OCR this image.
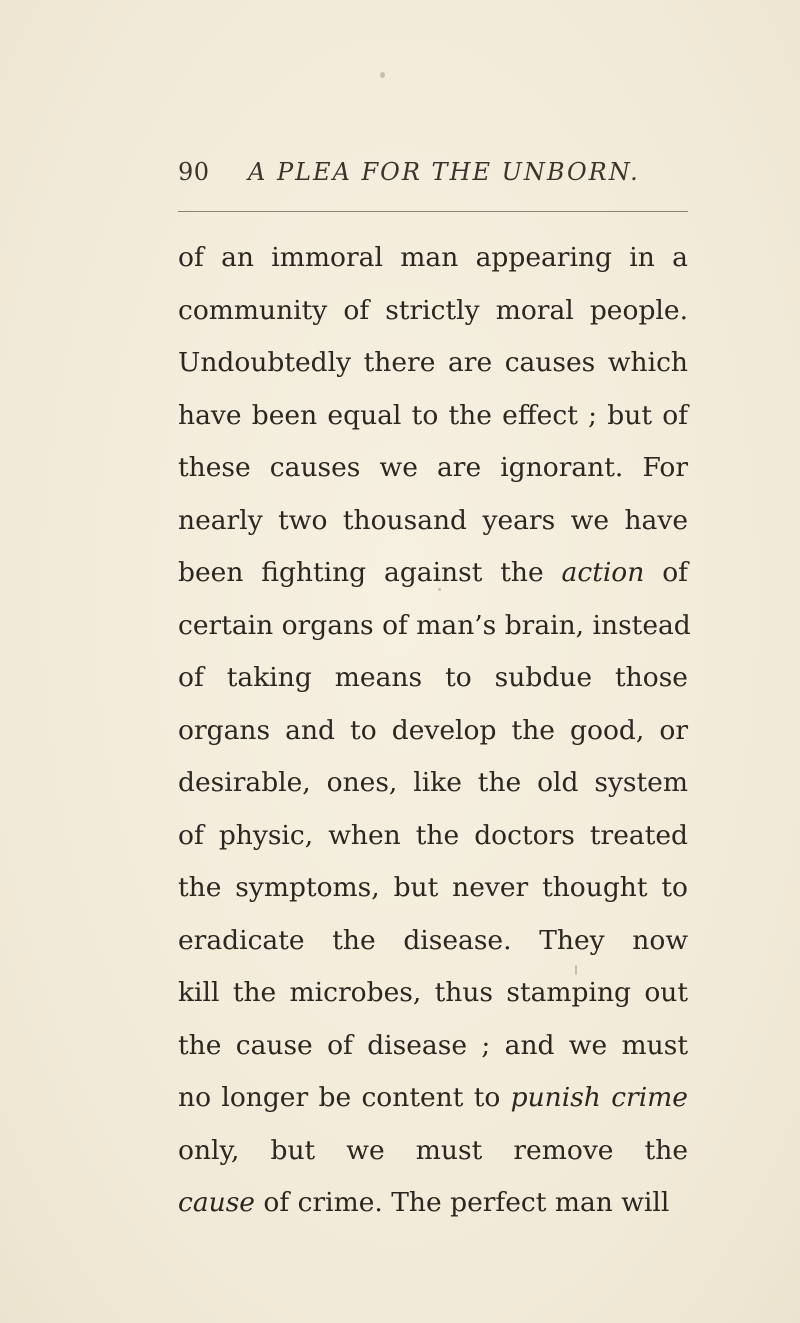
90 A PLEA FOR THE UNBORN.
of an immoral man appearing in a
community of strictly moral people.
Undoubtedly there are causes which
have been equal to the effect ; but of
these causes we are ignorant. For
nearly two thousand years we have
been fighting against the action of
certain organs of man’s brain, instead
of taking means to subdue those
organs and to develop the good, or
desirable, ones, like the old system
of physic, when the doctors treated
the symptoms, but never thought to
eradicate the disease. They now
kill the microbes, thus stamping out
the cause of disease ; and we must
no longer be content to punish crime
only, but we must remove the
cause of crime. The perfect man will
